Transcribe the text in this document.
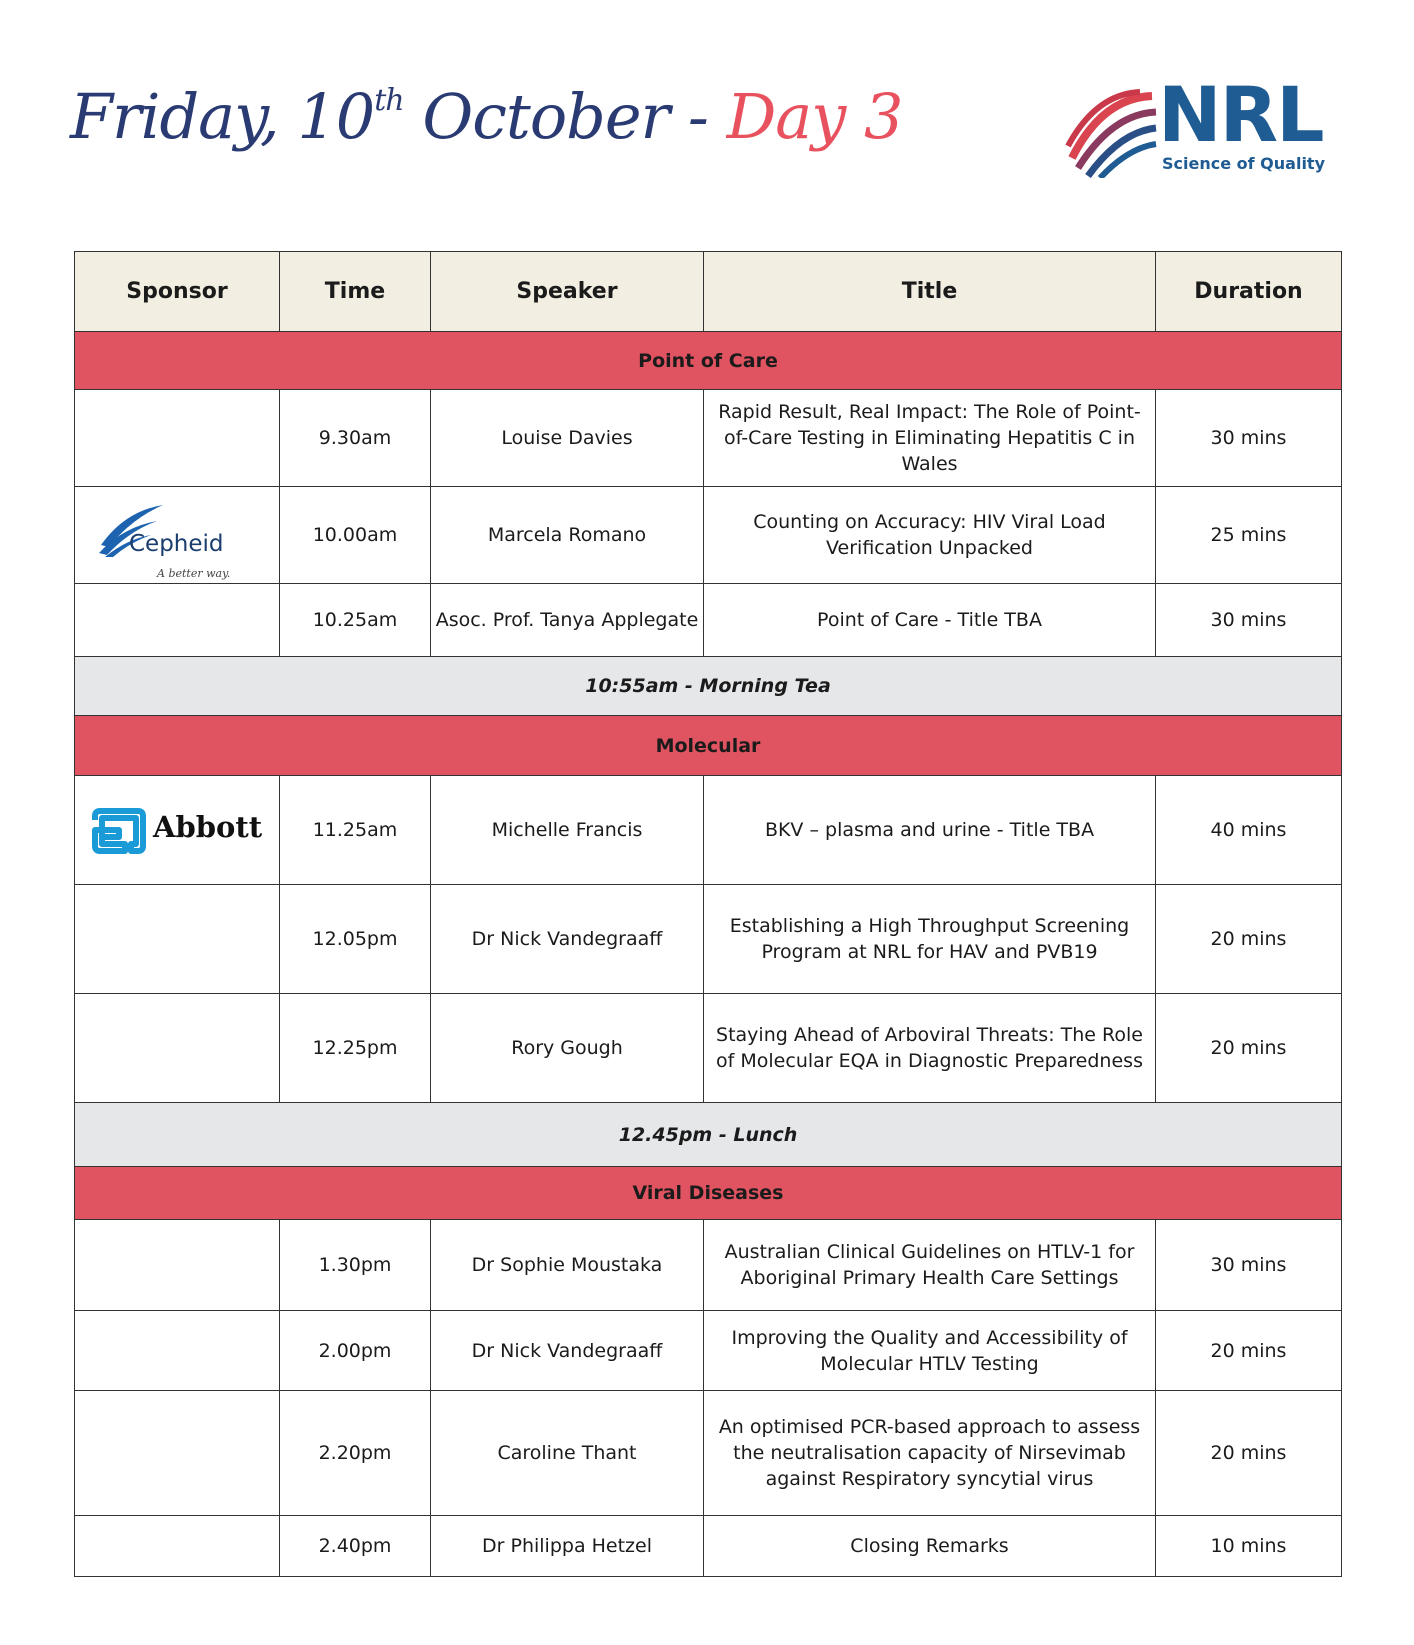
Friday, 10th October - Day 3	NRL
Science of Quality
Sponsor	Time	Speaker	Title	Duration
Point of Care				
	9.30am	Louise Davies	Rapid Result, Real Impact: The Role of Point-of-Care Testing in Eliminating Hepatitis C in Wales	30 mins

Cepheid
A better way.	10.00am	Marcela Romano	Counting on Accuracy: HIV Viral Load Verification Unpacked	25 mins
	10.25am	Asoc. Prof. Tanya Applegate	Point of Care - Title TBA	30 mins
10:55am - Morning Tea				
Molecular				

Abbott	11.25am	Michelle Francis	BKV – plasma and urine - Title TBA	40 mins
	12.05pm	Dr Nick Vandegraaff	Establishing a High Throughput Screening Program at NRL for HAV and PVB19	20 mins
	12.25pm	Rory Gough	Staying Ahead of Arboviral Threats: The Role of Molecular EQA in Diagnostic Preparedness	20 mins
12.45pm - Lunch				
Viral Diseases				
	1.30pm	Dr Sophie Moustaka	Australian Clinical Guidelines on HTLV-1 for Aboriginal Primary Health Care Settings	30 mins
	2.00pm	Dr Nick Vandegraaff	Improving the Quality and Accessibility of Molecular HTLV Testing	20 mins
	2.20pm	Caroline Thant	An optimised PCR-based approach to assess the neutralisation capacity of Nirsevimab against Respiratory syncytial virus	20 mins
	2.40pm	Dr Philippa Hetzel	Closing Remarks	10 mins
